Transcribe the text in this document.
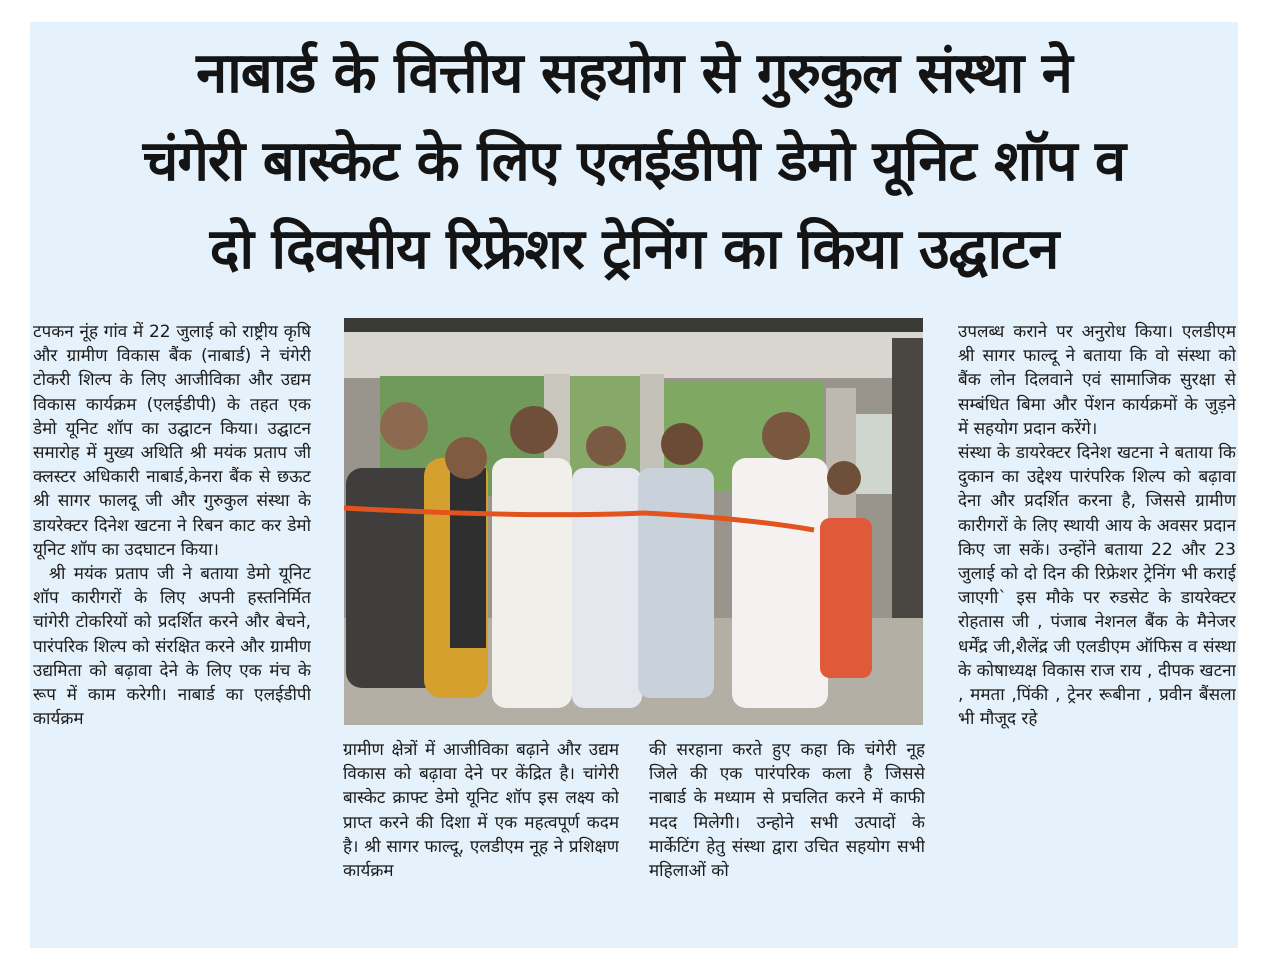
नाबार्ड के वित्तीय सहयोग से गुरुकुल संस्था ने
चंगेरी बास्केट के लिए एलईडीपी डेमो यूनिट शॉप व
दो दिवसीय रिफ्रेशर ट्रेनिंग का किया उद्घाटन

टपकन नूंह गांव में 22 जुलाई को राष्ट्रीय कृषि और ग्रामीण विकास बैंक (नाबार्ड) ने चंगेरी टोकरी शिल्प के लिए आजीविका और उद्यम विकास कार्यक्रम (एलईडीपी) के तहत एक डेमो यूनिट शॉप का उद्घाटन किया। उद्घाटन समारोह में मुख्य अथिति श्री मयंक प्रताप जी क्लस्टर अधिकारी नाबार्ड,केनरा बैंक से छऊट श्री सागर फालदू जी और गुरुकुल संस्था के डायरेक्टर दिनेश खटना ने रिबन काट कर डेमो यूनिट शॉप का उदघाटन किया।

श्री मयंक प्रताप जी ने बताया डेमो यूनिट शॉप कारीगरों के लिए अपनी हस्तनिर्मित चांगेरी टोकरियों को प्रदर्शित करने और बेचने, पारंपरिक शिल्प को संरक्षित करने और ग्रामीण उद्यमिता को बढ़ावा देने के लिए एक मंच के रूप में काम करेगी। नाबार्ड का एलईडीपी कार्यक्रम

ग्रामीण क्षेत्रों में आजीविका बढ़ाने और उद्यम विकास को बढ़ावा देने पर केंद्रित है। चांगेरी बास्केट क्राफ्ट डेमो यूनिट शॉप इस लक्ष्य को प्राप्त करने की दिशा में एक महत्वपूर्ण कदम है। श्री सागर फाल्दू, एलडीएम नूह ने प्रशिक्षण कार्यक्रम

की सरहाना करते हुए कहा कि चंगेरी नूह जिले की एक पारंपरिक कला है जिससे नाबार्ड के मध्याम से प्रचलित करने में काफी मदद मिलेगी। उन्होने सभी उत्पादों के मार्केटिंग हेतु संस्था द्वारा उचित सहयोग सभी महिलाओं को

उपलब्ध कराने पर अनुरोध किया। एलडीएम श्री सागर फाल्दू ने बताया कि वो संस्था को बैंक लोन दिलवाने एवं सामाजिक सुरक्षा से सम्बंधित बिमा और पेंशन कार्यक्रमों के जुड़ने में सहयोग प्रदान करेंगे।

संस्था के डायरेक्टर दिनेश खटना ने बताया कि दुकान का उद्देश्य पारंपरिक शिल्प को बढ़ावा देना और प्रदर्शित करना है, जिससे ग्रामीण कारीगरों के लिए स्थायी आय के अवसर प्रदान किए जा सकें। उन्होंने बताया 22 और 23 जुलाई को दो दिन की रिफ्रेशर ट्रेनिंग भी कराई जाएगी` इस मौके पर रुडसेट के डायरेक्टर रोहतास जी , पंजाब नेशनल बैंक के मैनेजर धर्मेंद्र जी,शैलेंद्र जी एलडीएम ऑफिस व संस्था के कोषाध्यक्ष विकास राज राय , दीपक खटना , ममता ,पिंकी , ट्रेनर रूबीना , प्रवीन बैंसला भी मौजूद रहे
